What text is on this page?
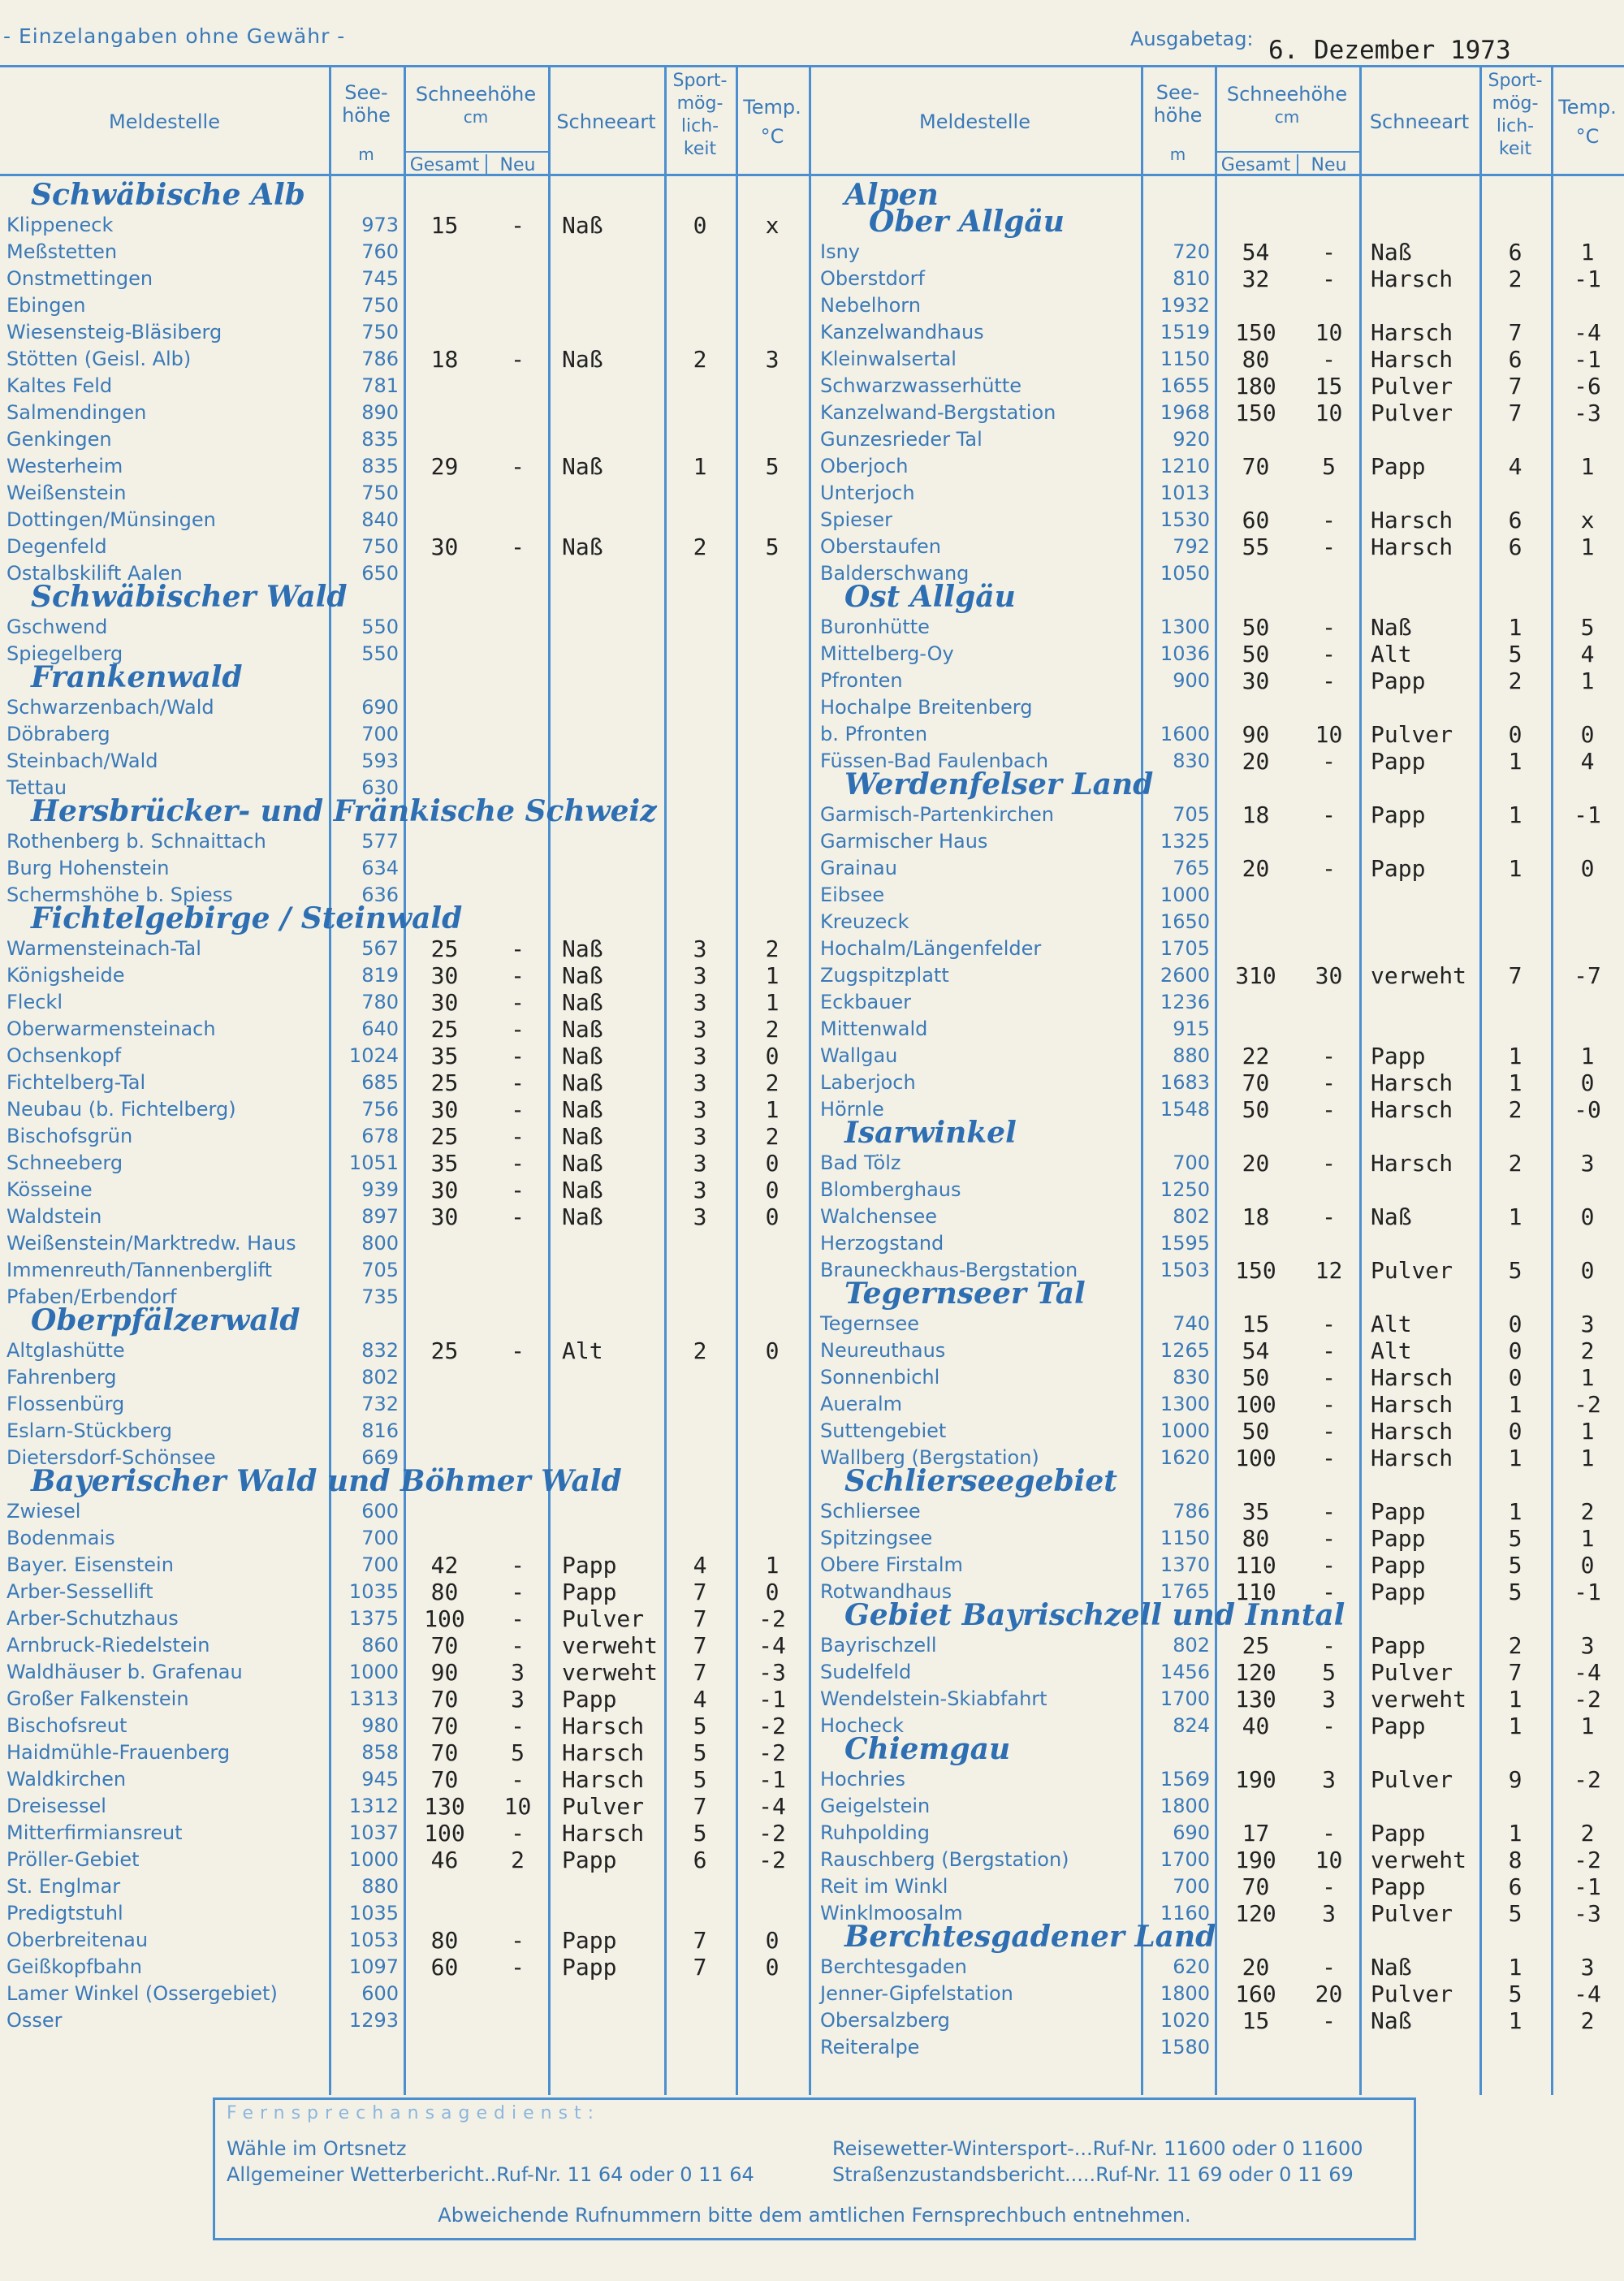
- Einzelangaben ohne Gewähr -	Ausgabetag: 6. Dezember 1973
Meldestelle
See-
höhe
m
Schneehöhe
cm
Gesamt	Neu
Schneeart
Sport-
mög-
lich-
keit
Temp.
°C
Meldestelle
See-
höhe
m
Schneehöhe
cm
Gesamt	Neu
Schneeart
Sport-
mög-
lich-
keit
Temp.
°C
Schwäbische Alb
Klippeneck	973	15	-	Naß	0	x
Meßstetten	760
Onstmettingen	745
Ebingen	750
Wiesensteig-Bläsiberg	750
Stötten (Geisl. Alb)	786	18	-	Naß	2	3
Kaltes Feld	781
Salmendingen	890
Genkingen	835
Westerheim	835	29	-	Naß	1	5
Weißenstein	750
Dottingen/Münsingen	840
Degenfeld	750	30	-	Naß	2	5
Ostalbskilift Aalen	650
Schwäbischer Wald
Gschwend	550
Spiegelberg	550
Frankenwald
Schwarzenbach/Wald	690
Döbraberg	700
Steinbach/Wald	593
Tettau	630
Hersbrücker- und Fränkische Schweiz
Rothenberg b. Schnaittach	577
Burg Hohenstein	634
Schermshöhe b. Spiess	636
Fichtelgebirge / Steinwald
Warmensteinach-Tal	567	25	-	Naß	3	2
Königsheide	819	30	-	Naß	3	1
Fleckl	780	30	-	Naß	3	1
Oberwarmensteinach	640	25	-	Naß	3	2
Ochsenkopf	1024	35	-	Naß	3	0
Fichtelberg-Tal	685	25	-	Naß	3	2
Neubau (b. Fichtelberg)	756	30	-	Naß	3	1
Bischofsgrün	678	25	-	Naß	3	2
Schneeberg	1051	35	-	Naß	3	0
Kösseine	939	30	-	Naß	3	0
Waldstein	897	30	-	Naß	3	0
Weißenstein/Marktredw. Haus	800
Immenreuth/Tannenberglift	705
Pfaben/Erbendorf	735
Oberpfälzerwald
Altglashütte	832	25	-	Alt	2	0
Fahrenberg	802
Flossenbürg	732
Eslarn-Stückberg	816
Dietersdorf-Schönsee	669
Bayerischer Wald und Böhmer Wald
Zwiesel	600
Bodenmais	700
Bayer. Eisenstein	700	42	-	Papp	4	1
Arber-Sessellift	1035	80	-	Papp	7	0
Arber-Schutzhaus	1375	100	-	Pulver	7	-2
Arnbruck-Riedelstein	860	70	-	verweht	7	-4
Waldhäuser b. Grafenau	1000	90	3	verweht	7	-3
Großer Falkenstein	1313	70	3	Papp	4	-1
Bischofsreut	980	70	-	Harsch	5	-2
Haidmühle-Frauenberg	858	70	5	Harsch	5	-2
Waldkirchen	945	70	-	Harsch	5	-1
Dreisessel	1312	130	10	Pulver	7	-4
Mitterfirmiansreut	1037	100	-	Harsch	5	-2
Pröller-Gebiet	1000	46	2	Papp	6	-2
St. Englmar	880
Predigtstuhl	1035
Oberbreitenau	1053	80	-	Papp	7	0
Geißkopfbahn	1097	60	-	Papp	7	0
Lamer Winkel (Ossergebiet)	600
Osser	1293
Alpen
Ober Allgäu
Isny	720	54	-	Naß	6	1
Oberstdorf	810	32	-	Harsch	2	-1
Nebelhorn	1932
Kanzelwandhaus	1519	150	10	Harsch	7	-4
Kleinwalsertal	1150	80	-	Harsch	6	-1
Schwarzwasserhütte	1655	180	15	Pulver	7	-6
Kanzelwand-Bergstation	1968	150	10	Pulver	7	-3
Gunzesrieder Tal	920
Oberjoch	1210	70	5	Papp	4	1
Unterjoch	1013
Spieser	1530	60	-	Harsch	6	x
Oberstaufen	792	55	-	Harsch	6	1
Balderschwang	1050
Ost Allgäu
Buronhütte	1300	50	-	Naß	1	5
Mittelberg-Oy	1036	50	-	Alt	5	4
Pfronten	900	30	-	Papp	2	1
Hochalpe Breitenberg
b. Pfronten	1600	90	10	Pulver	0	0
Füssen-Bad Faulenbach	830	20	-	Papp	1	4
Werdenfelser Land
Garmisch-Partenkirchen	705	18	-	Papp	1	-1
Garmischer Haus	1325
Grainau	765	20	-	Papp	1	0
Eibsee	1000
Kreuzeck	1650
Hochalm/Längenfelder	1705
Zugspitzplatt	2600	310	30	verweht	7	-7
Eckbauer	1236
Mittenwald	915
Wallgau	880	22	-	Papp	1	1
Laberjoch	1683	70	-	Harsch	1	0
Hörnle	1548	50	-	Harsch	2	-0
Isarwinkel
Bad Tölz	700	20	-	Harsch	2	3
Blomberghaus	1250
Walchensee	802	18	-	Naß	1	0
Herzogstand	1595
Brauneckhaus-Bergstation	1503	150	12	Pulver	5	0
Tegernseer Tal
Tegernsee	740	15	-	Alt	0	3
Neureuthaus	1265	54	-	Alt	0	2
Sonnenbichl	830	50	-	Harsch	0	1
Aueralm	1300	100	-	Harsch	1	-2
Suttengebiet	1000	50	-	Harsch	0	1
Wallberg (Bergstation)	1620	100	-	Harsch	1	1
Schlierseegebiet
Schliersee	786	35	-	Papp	1	2
Spitzingsee	1150	80	-	Papp	5	1
Obere Firstalm	1370	110	-	Papp	5	0
Rotwandhaus	1765	110	-	Papp	5	-1
Gebiet Bayrischzell und Inntal
Bayrischzell	802	25	-	Papp	2	3
Sudelfeld	1456	120	5	Pulver	7	-4
Wendelstein-Skiabfahrt	1700	130	3	verweht	1	-2
Hocheck	824	40	-	Papp	1	1
Chiemgau
Hochries	1569	190	3	Pulver	9	-2
Geigelstein	1800
Ruhpolding	690	17	-	Papp	1	2
Rauschberg (Bergstation)	1700	190	10	verweht	8	-2
Reit im Winkl	700	70	-	Papp	6	-1
Winklmoosalm	1160	120	3	Pulver	5	-3
Berchtesgadener Land
Berchtesgaden	620	20	-	Naß	1	3
Jenner-Gipfelstation	1800	160	20	Pulver	5	-4
Obersalzberg	1020	15	-	Naß	1	2
Reiteralpe	1580
Fernsprechansagedienst:
Wähle im Ortsnetz
Allgemeiner Wetterbericht..Ruf-Nr. 11 64 oder 0 11 64
Reisewetter-Wintersport-...Ruf-Nr. 11600 oder 0 11600
Straßenzustandsbericht.....Ruf-Nr. 11 69 oder 0 11 69
Abweichende Rufnummern bitte dem amtlichen Fernsprechbuch entnehmen.
